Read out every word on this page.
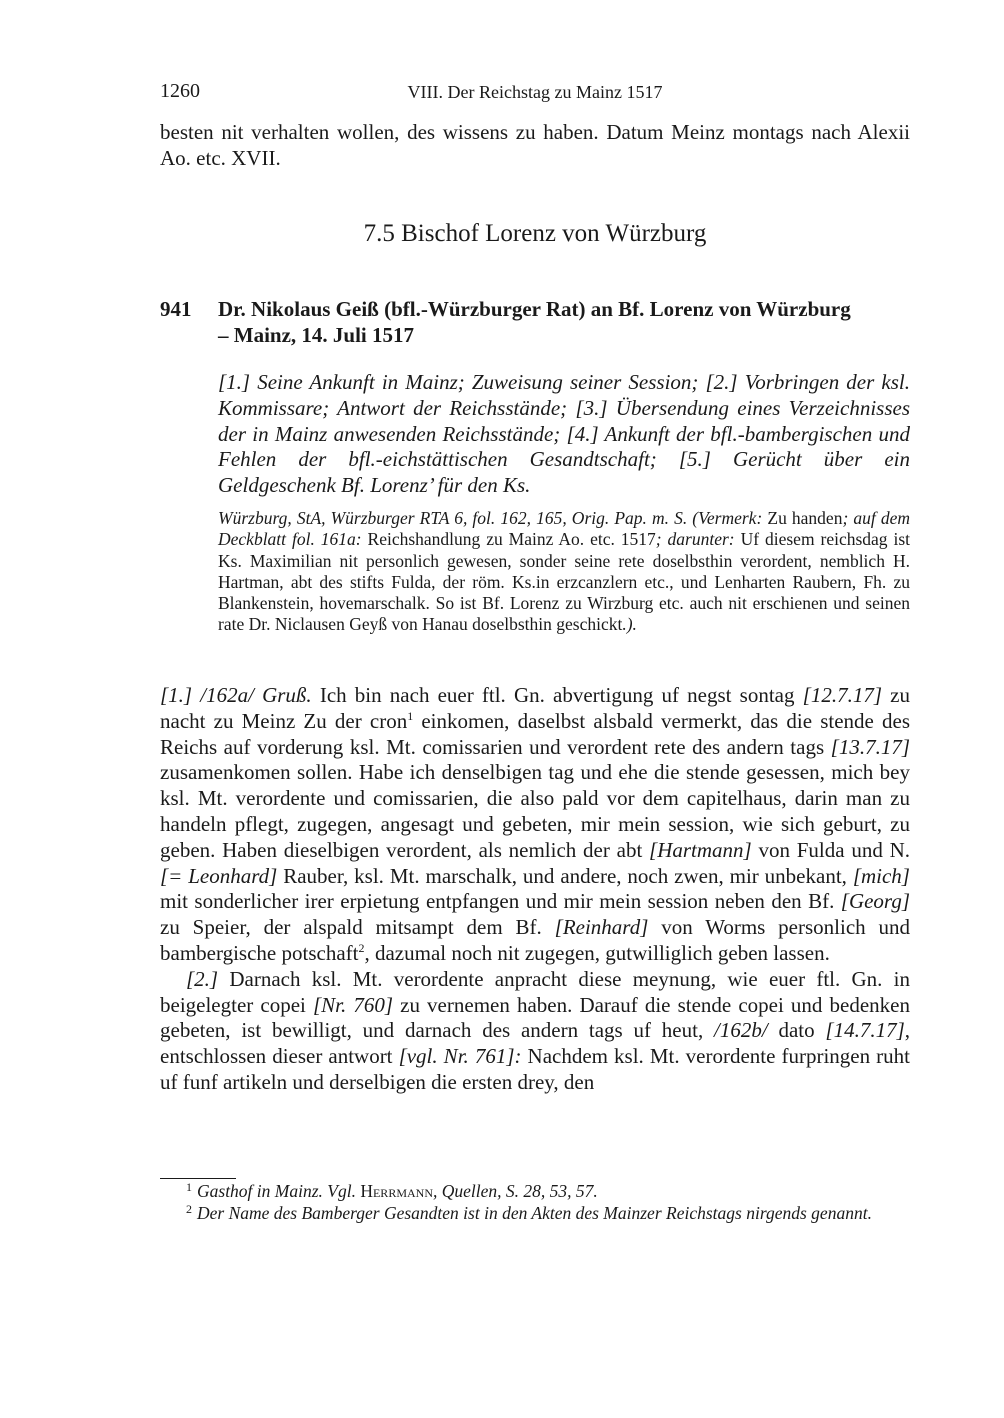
1260	VIII. Der Reichstag zu Mainz 1517

besten nit verhalten wollen, des wissens zu haben. Datum Meinz montags nach Alexii Ao. etc. XVII.

7.5 Bischof Lorenz von Würzburg
941 Dr. Nikolaus Geiß (bfl.-Würzburger Rat) an Bf. Lorenz von Würzburg
– Mainz, 14. Juli 1517

[1.] Seine Ankunft in Mainz; Zuweisung seiner Session; [2.] Vorbringen der ksl. Kommissare; Antwort der Reichsstände; [3.] Übersendung eines Verzeichnisses der in Mainz anwesenden Reichsstände; [4.] Ankunft der bfl.-bambergischen und Fehlen der bfl.-eichstättischen Gesandtschaft; [5.] Gerücht über ein Geldgeschenk Bf. Lorenz’ für den Ks.

Würzburg, StA, Würzburger RTA 6, fol. 162, 165, Orig. Pap. m. S. (Vermerk: Zu handen; auf dem Deckblatt fol. 161a: Reichshandlung zu Mainz Ao. etc. 1517; darunter: Uf diesem reichsdag ist Ks. Maximilian nit personlich gewesen, sonder seine rete doselbsthin verordent, nemblich H. Hartman, abt des stifts Fulda, der röm. Ks.in erzcanzlern etc., und Lenharten Raubern, Fh. zu Blankenstein, hovemarschalk. So ist Bf. Lorenz zu Wirzburg etc. auch nit erschienen und seinen rate Dr. Niclausen Geyß von Hanau doselbsthin geschickt.).

[1.] /162a/ Gruß. Ich bin nach euer ftl. Gn. abvertigung uf negst sontag [12.7.17] zu nacht zu Meinz Zu der cron$^1$ einkomen, daselbst alsbald vermerkt, das die stende des Reichs auf vorderung ksl. Mt. comissarien und verordent rete des andern tags [13.7.17] zusamenkomen sollen. Habe ich denselbigen tag und ehe die stende gesessen, mich bey ksl. Mt. verordente und comissarien, die also pald vor dem capitelhaus, darin man zu handeln pflegt, zugegen, angesagt und gebeten, mir mein session, wie sich geburt, zu geben. Haben dieselbigen verordent, als nemlich der abt [Hartmann] von Fulda und N. [= Leonhard] Rauber, ksl. Mt. marschalk, und andere, noch zwen, mir unbekant, [mich] mit sonderlicher irer erpietung entpfangen und mir mein session neben den Bf. [Georg] zu Speier, der alspald mitsampt dem Bf. [Reinhard] von Worms personlich und bambergische potschaft$^2$, dazumal noch nit zugegen, gutwilliglich geben lassen.

[2.] Darnach ksl. Mt. verordente anpracht diese meynung, wie euer ftl. Gn. in beigelegter copei [Nr. 760] zu vernemen haben. Darauf die stende copei und bedenken gebeten, ist bewilligt, und darnach des andern tags uf heut, /162b/ dato [14.7.17], entschlossen dieser antwort [vgl. Nr. 761]: Nachdem ksl. Mt. verordente furpringen ruht uf funf artikeln und derselbigen die ersten drey, den

$^1$ Gasthof in Mainz. Vgl. Herrmann, Quellen, S. 28, 53, 57.

$^2$ Der Name des Bamberger Gesandten ist in den Akten des Mainzer Reichstags nirgends genannt.
